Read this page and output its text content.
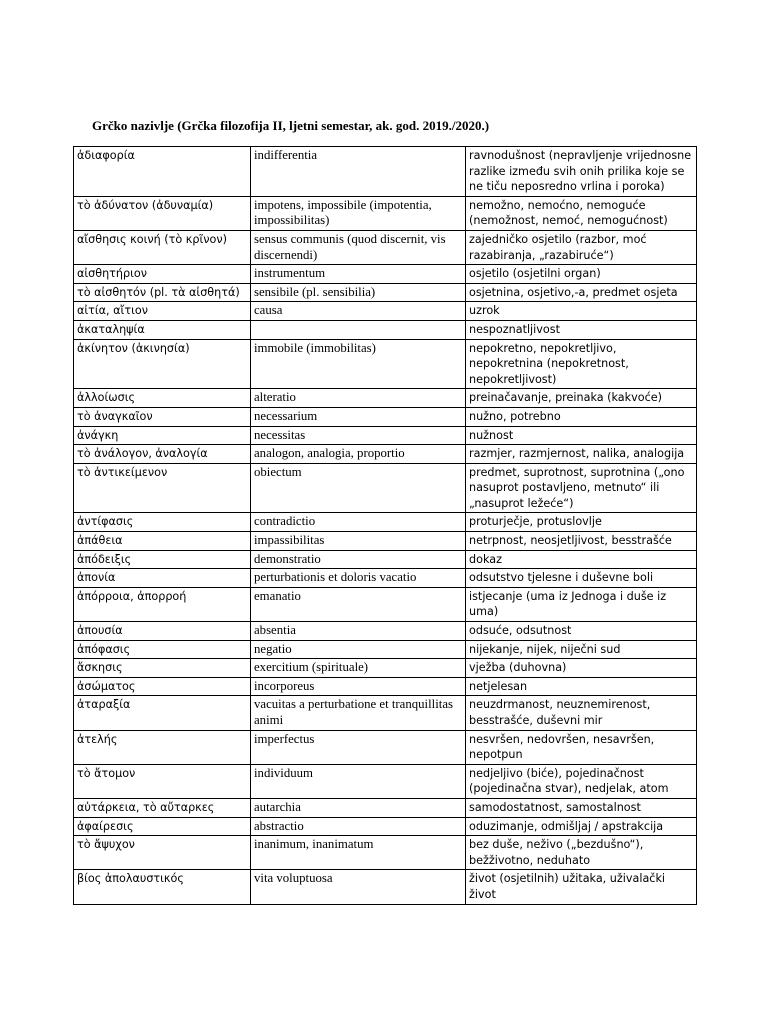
Grčko nazivlje (Grčka filozofija II, ljetni semestar, ak. god. 2019./2020.)
ἀδιαφορία	indifferentia	ravnodušnost (nepravljenje vrijednosne razlike između svih onih prilika koje se ne tiču neposredno vrlina i poroka)
τὸ ἀδύνατον (ἀδυναμία)	impotens, impossibile (impotentia, impossibilitas)	nemožno, nemoćno, nemoguće (nemožnost, nemoć, nemogućnost)
αἴσθησις κοινή (τὸ κρῖνον)	sensus communis (quod discernit, vis discernendi)	zajedničko osjetilo (razbor, moć razabiranja, „razabiruće“)
αἰσθητήριον	instrumentum	osjetilo (osjetilni organ)
τὸ αἰσθητόν (pl. τὰ αἰσθητά)	sensibile (pl. sensibilia)	osjetnina, osjetivo,-a, predmet osjeta
αἰτία, αἴτιον	causa	uzrok
ἀκαταληψία		nespoznatljivost
ἀκίνητον (ἀκινησία)	immobile (immobilitas)	nepokretno, nepokretljivo, nepokretnina (nepokretnost, nepokretljivost)
ἀλλοίωσις	alteratio	preinačavanje, preinaka (kakvoće)
τὸ ἀναγκαῖον	necessarium	nužno, potrebno
ἀνάγκη	necessitas	nužnost
τὸ ἀνάλογον, ἀναλογία	analogon, analogia, proportio	razmjer, razmjernost, nalika, analogija
τὸ ἀντικείμενον	obiectum	predmet, suprotnost, suprotnina („ono nasuprot postavljeno, metnuto“ ili „nasuprot ležeće“)
ἀντίφασις	contradictio	proturječje, protuslovlje
ἀπάθεια	impassibilitas	netrpnost, neosjetljivost, besstrašće
ἀπόδειξις	demonstratio	dokaz
ἀπονία	perturbationis et doloris vacatio	odsutstvo tjelesne i duševne boli
ἀπόρροια, ἀπορροή	emanatio	istjecanje (uma iz Jednoga i duše iz uma)
ἀπουσία	absentia	odsuće, odsutnost
ἀπόφασις	negatio	nijekanje, nijek, niječni sud
ἄσκησις	exercitium (spirituale)	vježba (duhovna)
ἀσώματος	incorporeus	netjelesan
ἀταραξία	vacuitas a perturbatione et tranquillitas animi	neuzdrmanost, neuznemirenost, besstrašće, duševni mir
ἀτελής	imperfectus	nesvršen, nedovršen, nesavršen, nepotpun
τὸ ἄτομον	individuum	nedjeljivo (biće), pojedinačnost (pojedinačna stvar), nedjelak, atom
αὐτάρκεια, τὸ αὔταρκες	autarchia	samodostatnost, samostalnost
ἀφαίρεσις	abstractio	oduzimanje, odmišljaj / apstrakcija
τὸ ἄψυχον	inanimum, inanimatum	bez duše, neživo („bezdušno“), bežživotno, neduhato
βίος ἀπολαυστικός	vita voluptuosa	život (osjetilnih) užitaka, uživalački život
